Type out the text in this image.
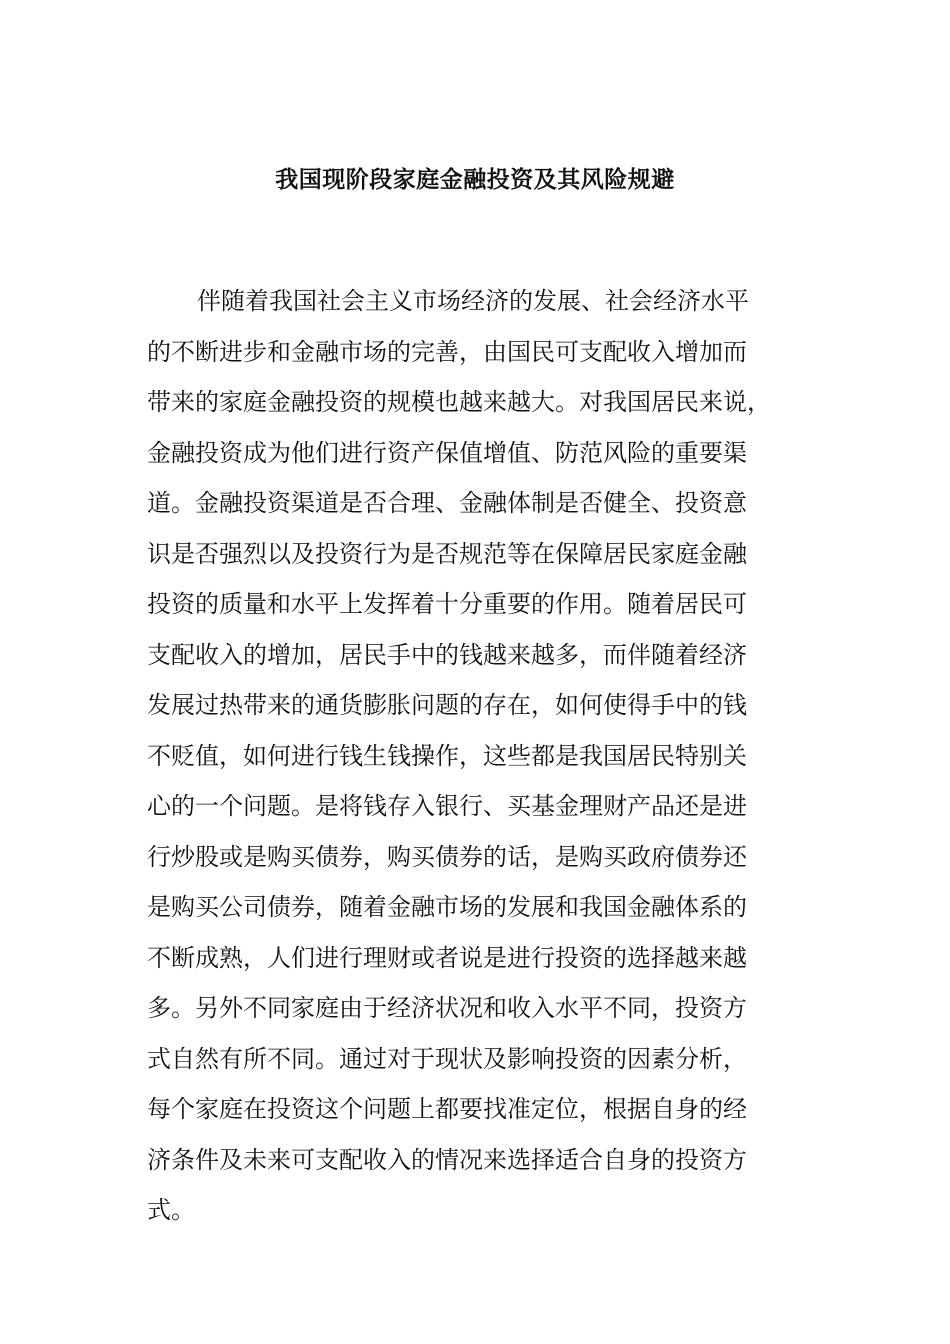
我国现阶段家庭金融投资及其风险规避
伴随着我国社会主义市场经济的发展、社会经济水平
的不断进步和金融市场的完善，由国民可支配收入增加而
带来的家庭金融投资的规模也越来越大。对我国居民来说，
金融投资成为他们进行资产保值增值、防范风险的重要渠
道。金融投资渠道是否合理、金融体制是否健全、投资意
识是否强烈以及投资行为是否规范等在保障居民家庭金融
投资的质量和水平上发挥着十分重要的作用。随着居民可
支配收入的增加，居民手中的钱越来越多，而伴随着经济
发展过热带来的通货膨胀问题的存在，如何使得手中的钱
不贬值，如何进行钱生钱操作，这些都是我国居民特别关
心的一个问题。是将钱存入银行、买基金理财产品还是进
行炒股或是购买债券，购买债券的话，是购买政府债券还
是购买公司债券，随着金融市场的发展和我国金融体系的
不断成熟，人们进行理财或者说是进行投资的选择越来越
多。另外不同家庭由于经济状况和收入水平不同，投资方
式自然有所不同。通过对于现状及影响投资的因素分析，
每个家庭在投资这个问题上都要找准定位，根据自身的经
济条件及未来可支配收入的情况来选择适合自身的投资方
式。
